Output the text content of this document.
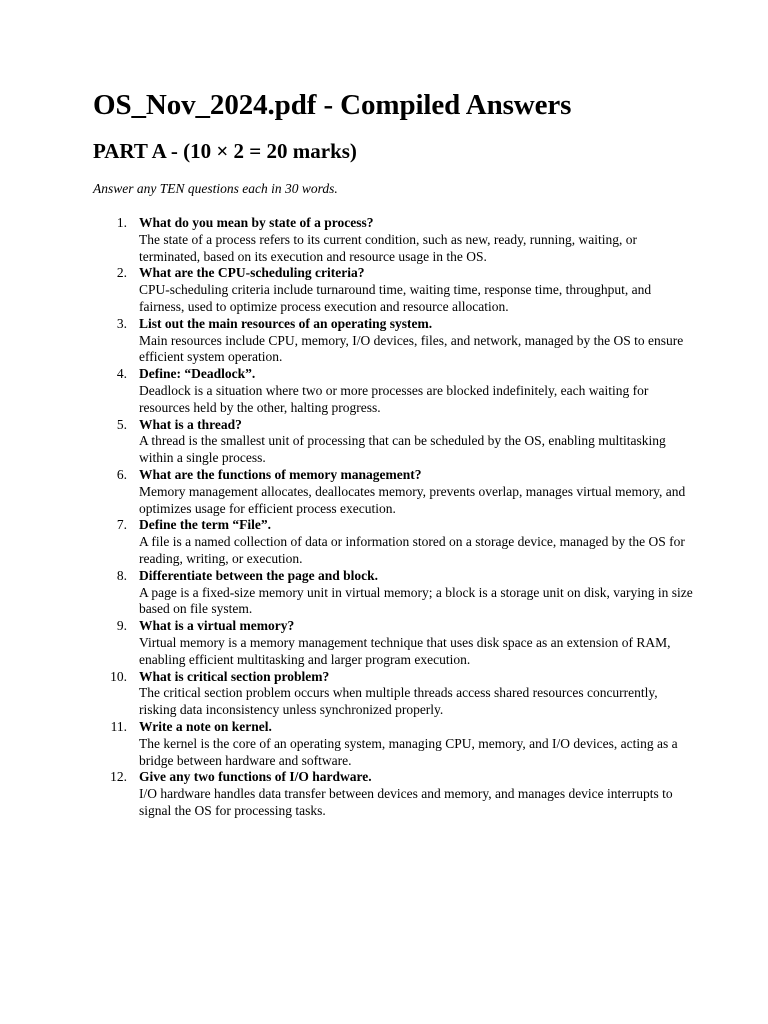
OS_Nov_2024.pdf - Compiled Answers
PART A - (10 × 2 = 20 marks)

Answer any TEN questions each in 30 words.

1. What do you mean by state of a process?
The state of a process refers to its current condition, such as new, ready, running, waiting, or terminated, based on its execution and resource usage in the OS.
2. What are the CPU-scheduling criteria?
CPU-scheduling criteria include turnaround time, waiting time, response time, throughput, and fairness, used to optimize process execution and resource allocation.
3. List out the main resources of an operating system.
Main resources include CPU, memory, I/O devices, files, and network, managed by the OS to ensure efficient system operation.
4. Define: “Deadlock”.
Deadlock is a situation where two or more processes are blocked indefinitely, each waiting for resources held by the other, halting progress.
5. What is a thread?
A thread is the smallest unit of processing that can be scheduled by the OS, enabling multitasking within a single process.
6. What are the functions of memory management?
Memory management allocates, deallocates memory, prevents overlap, manages virtual memory, and optimizes usage for efficient process execution.
7. Define the term “File”.
A file is a named collection of data or information stored on a storage device, managed by the OS for reading, writing, or execution.
8. Differentiate between the page and block.
A page is a fixed-size memory unit in virtual memory; a block is a storage unit on disk, varying in size based on file system.
9. What is a virtual memory?
Virtual memory is a memory management technique that uses disk space as an extension of RAM, enabling efficient multitasking and larger program execution.
10. What is critical section problem?
The critical section problem occurs when multiple threads access shared resources concurrently, risking data inconsistency unless synchronized properly.
11. Write a note on kernel.
The kernel is the core of an operating system, managing CPU, memory, and I/O devices, acting as a bridge between hardware and software.
12. Give any two functions of I/O hardware.
I/O hardware handles data transfer between devices and memory, and manages device interrupts to signal the OS for processing tasks.
